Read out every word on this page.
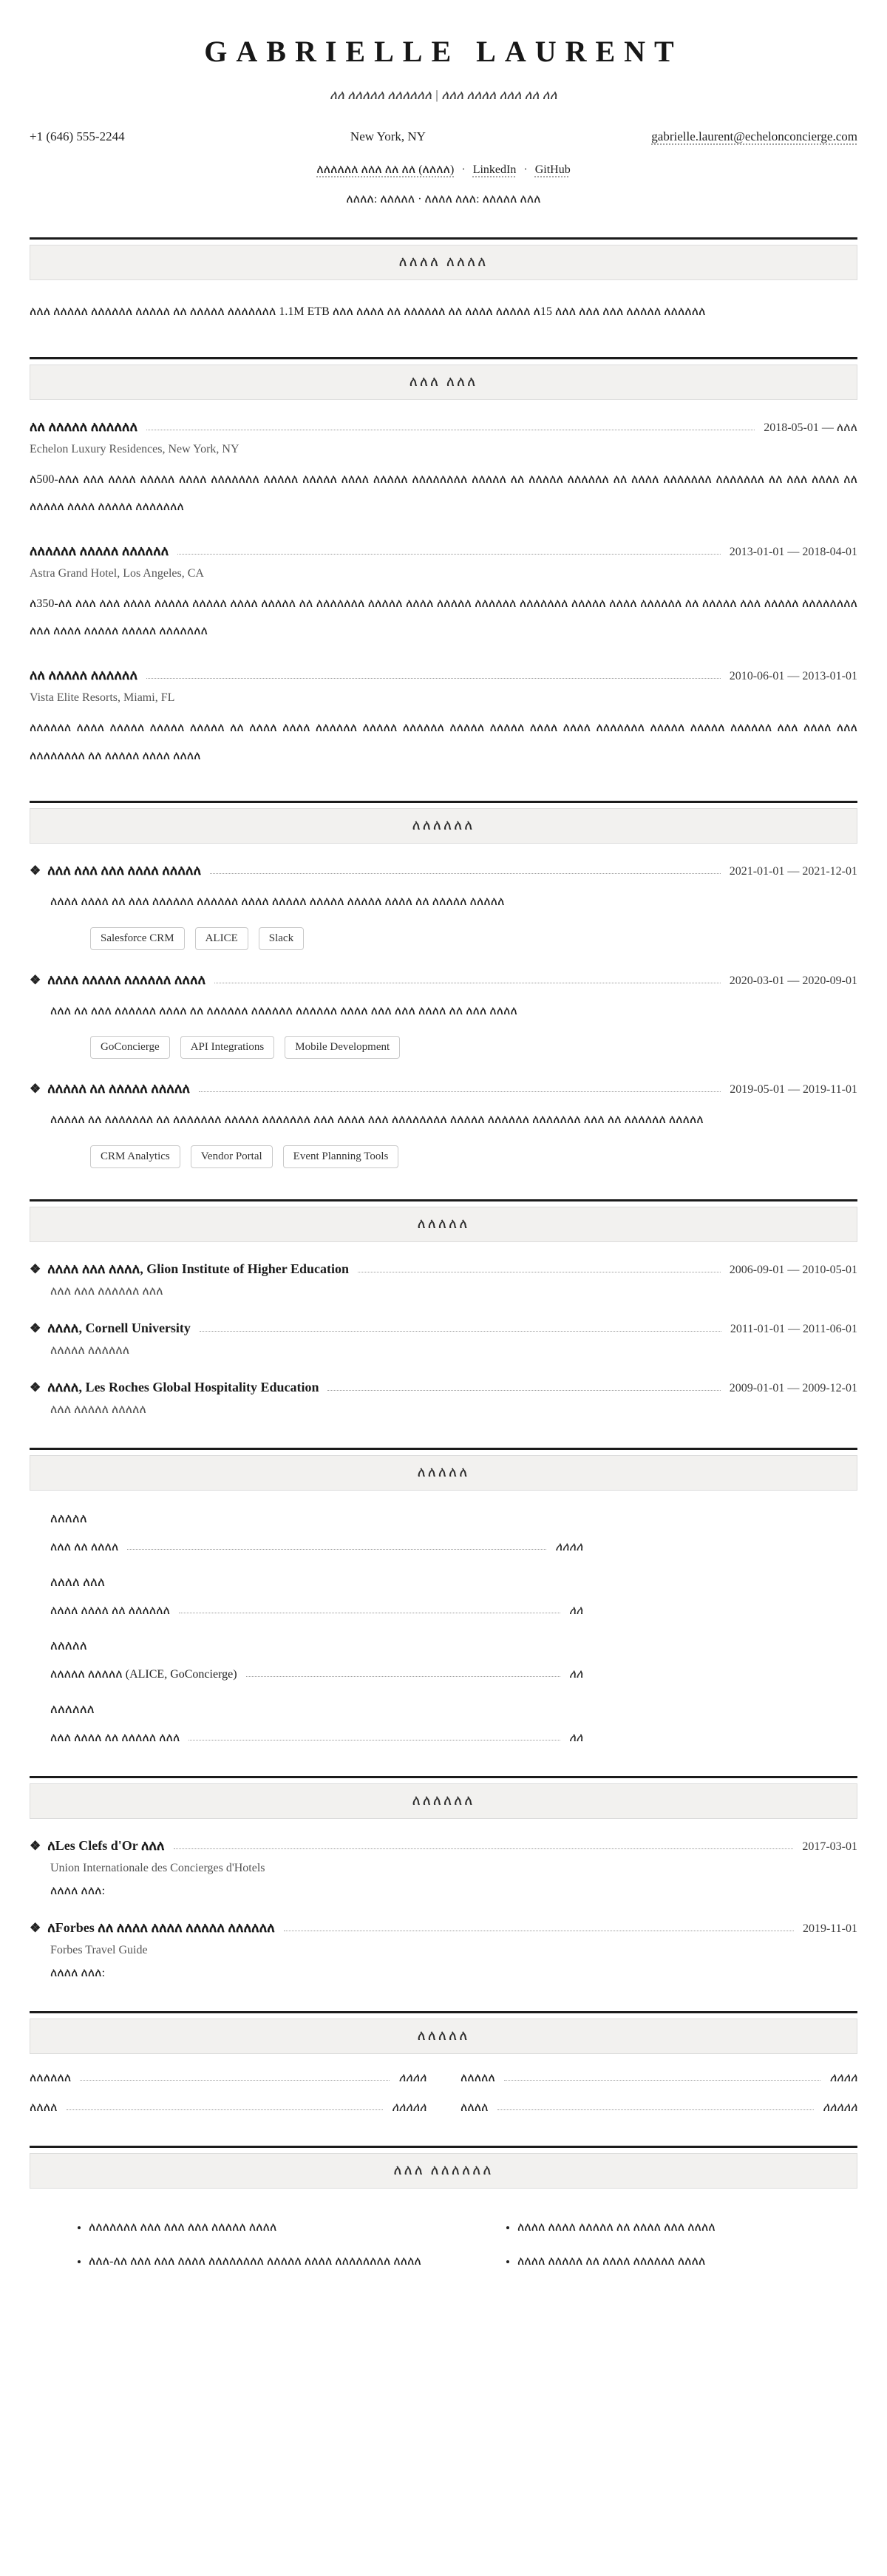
GABRIELLE LAURENT
ለለ ለለለለለ ለለለለለለ | ለለለ ለለለለ ለለለ ለለ ለለ
+1 (646) 555-2244	New York, NY	gabrielle.laurent@echelonconcierge.com
ለለለለለለ ለለለ ለለ ለለ (ለለለለ) · LinkedIn · GitHub
ለለለለ: ለለለለለ · ለለለለ ለለለ: ለለለለለ ለለለ
ለለለለ ለለለለ
ለለለ ለለለለለ ለለለለለለ ለለለለለ ለለ ለለለለለ ለለለለለለለ 1.1M ETB ለለለ ለለለለ ለለ ለለለለለለ ለለ ለለለለ ለለለለለ ለ15 ለለለ ለለለ ለለለ ለለለለለ ለለለለለለ
ለለለ ለለለ
ለለ ለለለለለ ለለለለለለ	2018-05-01 — ለለለ
Echelon Luxury Residences, New York, NY
ለ500-ለለለ ለለለ ለለለለ ለለለለለ ለለለለ ለለለለለለለ ለለለለለ ለለለለለ ለለለለ ለለለለለ ለለለለለለለለ ለለለለለ ለለ ለለለለለ ለለለለለለ ለለ ለለለለ ለለለለለለለ ለለለለለለለ ለለ ለለለ ለለለለ ለለ ለለለለለ ለለለለ ለለለለለ ለለለለለለለ
ለለለለለለ ለለለለለ ለለለለለለ	2013-01-01 — 2018-04-01
Astra Grand Hotel, Los Angeles, CA
ለ350-ለለ ለለለ ለለለ ለለለለ ለለለለለ ለለለለለ ለለለለ ለለለለለ ለለ ለለለለለለለ ለለለለለ ለለለለ ለለለለለ ለለለለለለ ለለለለለለለ ለለለለለ ለለለለ ለለለለለለ ለለ ለለለለለ ለለለ ለለለለለ ለለለለለለለለ ለለለ ለለለለ ለለለለለ ለለለለለ ለለለለለለለ
ለለ ለለለለለ ለለለለለለ	2010-06-01 — 2013-01-01
Vista Elite Resorts, Miami, FL
ለለለለለለ ለለለለ ለለለለለ ለለለለለ ለለለለለ ለለ ለለለለ ለለለለ ለለለለለለ ለለለለለ ለለለለለለ ለለለለለ ለለለለለ ለለለለ ለለለለ ለለለለለለለ ለለለለለ ለለለለለ ለለለለለለ ለለለ ለለለለ ለለለ ለለለለለለለለ ለለ ለለለለለ ለለለለ ለለለለ
ለለለለለለ
❖ ለለለ ለለለ ለለለ ለለለለ ለለለለለ	2021-01-01 — 2021-12-01
ለለለለ ለለለለ ለለ ለለለ ለለለለለለ ለለለለለለ ለለለለ ለለለለለ ለለለለለ ለለለለለ ለለለለ ለለ ለለለለለ ለለለለለ
Salesforce CRM	ALICE	Slack
❖ ለለለለ ለለለለለ ለለለለለለ ለለለለ	2020-03-01 — 2020-09-01
ለለለ ለለ ለለለ ለለለለለለ ለለለለ ለለ ለለለለለለ ለለለለለለ ለለለለለለ ለለለለ ለለለ ለለለ ለለለለ ለለ ለለለ ለለለለ
GoConcierge	API Integrations	Mobile Development
❖ ለለለለለ ለለ ለለለለለ ለለለለለ	2019-05-01 — 2019-11-01
ለለለለለ ለለ ለለለለለለለ ለለ ለለለለለለለ ለለለለለ ለለለለለለለ ለለለ ለለለለ ለለለ ለለለለለለለለ ለለለለለ ለለለለለለ ለለለለለለለ ለለለ ለለ ለለለለለለ ለለለለለ
CRM Analytics	Vendor Portal	Event Planning Tools
ለለለለለ
❖ ለለለለ ለለለ ለለለለ, Glion Institute of Higher Education	2006-09-01 — 2010-05-01
ለለለ ለለለ ለለለለለለ ለለለ
❖ ለለለለ, Cornell University	2011-01-01 — 2011-06-01
ለለለለለ ለለለለለለ
❖ ለለለለ, Les Roches Global Hospitality Education	2009-01-01 — 2009-12-01
ለለለ ለለለለለ ለለለለለ
ለለለለለ
ለለለለለ
ለለለ ለለ ለለለለ	ለለለለ
ለለለለ ለለለ
ለለለለ ለለለለ ለለ ለለለለለለ	ለለ
ለለለለለ
ለለለለለ ለለለለለ (ALICE, GoConcierge)	ለለ
ለለለለለለ
ለለለ ለለለለ ለለ ለለለለለ ለለለ	ለለ
ለለለለለለ
❖ ለLes Clefs d'Or ለለለ	2017-03-01
Union Internationale des Concierges d'Hotels
ለለለለ ለለለ:
❖ ለForbes ለለ ለለለለ ለለለለ ለለለለለ ለለለለለለ	2019-11-01
Forbes Travel Guide
ለለለለ ለለለ:
ለለለለለ
ለለለለለለ	ለለለለ	ለለለለለ	ለለለለ
ለለለለ	ለለለለለ	ለለለለ	ለለለለለ
ለለለ ለለለለለለ
• ለለለለለለለ ለለለ ለለለ ለለለ ለለለለለ ለለለለ
• ለለለ-ለለ ለለለ ለለለ ለለለለ ለለለለለለለለ ለለለለለ ለለለለ ለለለለለለለለ ለለለለ
• ለለለለ ለለለለ ለለለለለ ለለ ለለለለ ለለለ ለለለለ
• ለለለለ ለለለለለ ለለ ለለለለ ለለለለለለ ለለለለ
